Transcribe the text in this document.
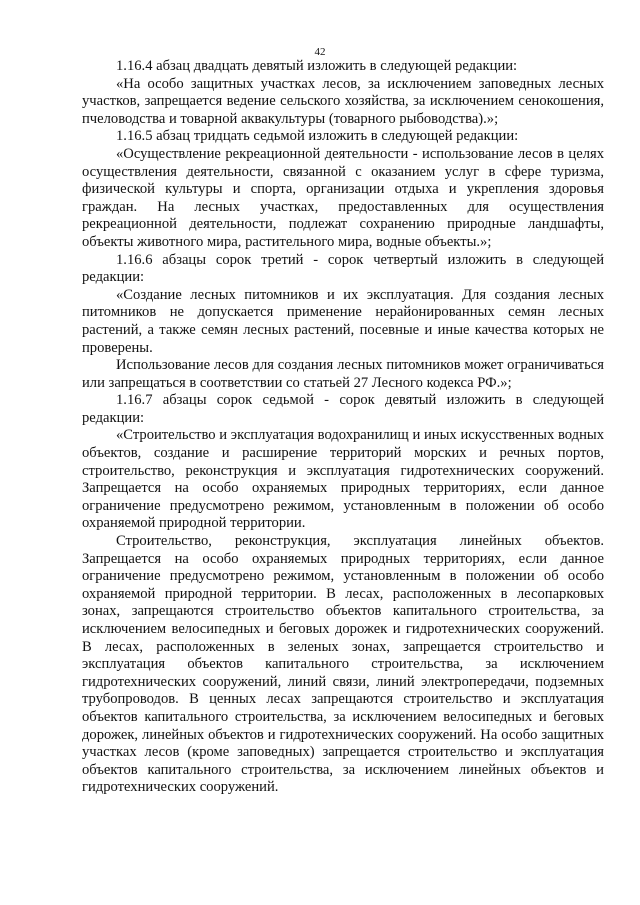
42

1.16.4 абзац двадцать девятый изложить в следующей редакции:

«На особо защитных участках лесов, за исключением заповедных лесных участков, запрещается ведение сельского хозяйства, за исключением сенокошения, пчеловодства и товарной аквакультуры (товарного рыбоводства).»;

1.16.5 абзац тридцать седьмой изложить в следующей редакции:

«Осуществление рекреационной деятельности - использование лесов в целях осуществления деятельности, связанной с оказанием услуг в сфере туризма, физической культуры и спорта, организации отдыха и укрепления здоровья граждан. На лесных участках, предоставленных для осуществления рекреационной деятельности, подлежат сохранению природные ландшафты, объекты животного мира, растительного мира, водные объекты.»;

1.16.6 абзацы сорок третий - сорок четвертый изложить в следующей редакции:

«Создание лесных питомников и их эксплуатация. Для создания лесных питомников не допускается применение нерайонированных семян лесных растений, а также семян лесных растений, посевные и иные качества которых не проверены.

Использование лесов для создания лесных питомников может ограничиваться или запрещаться в соответствии со статьей 27 Лесного кодекса РФ.»;

1.16.7 абзацы сорок седьмой - сорок девятый изложить в следующей редакции:

«Строительство и эксплуатация водохранилищ и иных искусственных водных объектов, создание и расширение территорий морских и речных портов, строительство, реконструкция и эксплуатация гидротехнических сооружений. Запрещается на особо охраняемых природных территориях, если данное ограничение предусмотрено режимом, установленным в положении об особо охраняемой природной территории.

Строительство, реконструкция, эксплуатация линейных объектов. Запрещается на особо охраняемых природных территориях, если данное ограничение предусмотрено режимом, установленным в положении об особо охраняемой природной территории. В лесах, расположенных в лесопарковых зонах, запрещаются строительство объектов капитального строительства, за исключением велосипедных и беговых дорожек и гидротехнических сооружений. В лесах, расположенных в зеленых зонах, запрещается строительство и эксплуатация объектов капитального строительства, за исключением гидротехнических сооружений, линий связи, линий электропередачи, подземных трубопроводов. В ценных лесах запрещаются строительство и эксплуатация объектов капитального строительства, за исключением велосипедных и беговых дорожек, линейных объектов и гидротехнических сооружений. На особо защитных участках лесов (кроме заповедных) запрещается строительство и эксплуатация объектов капитального строительства, за исключением линейных объектов и гидротехнических сооружений.
